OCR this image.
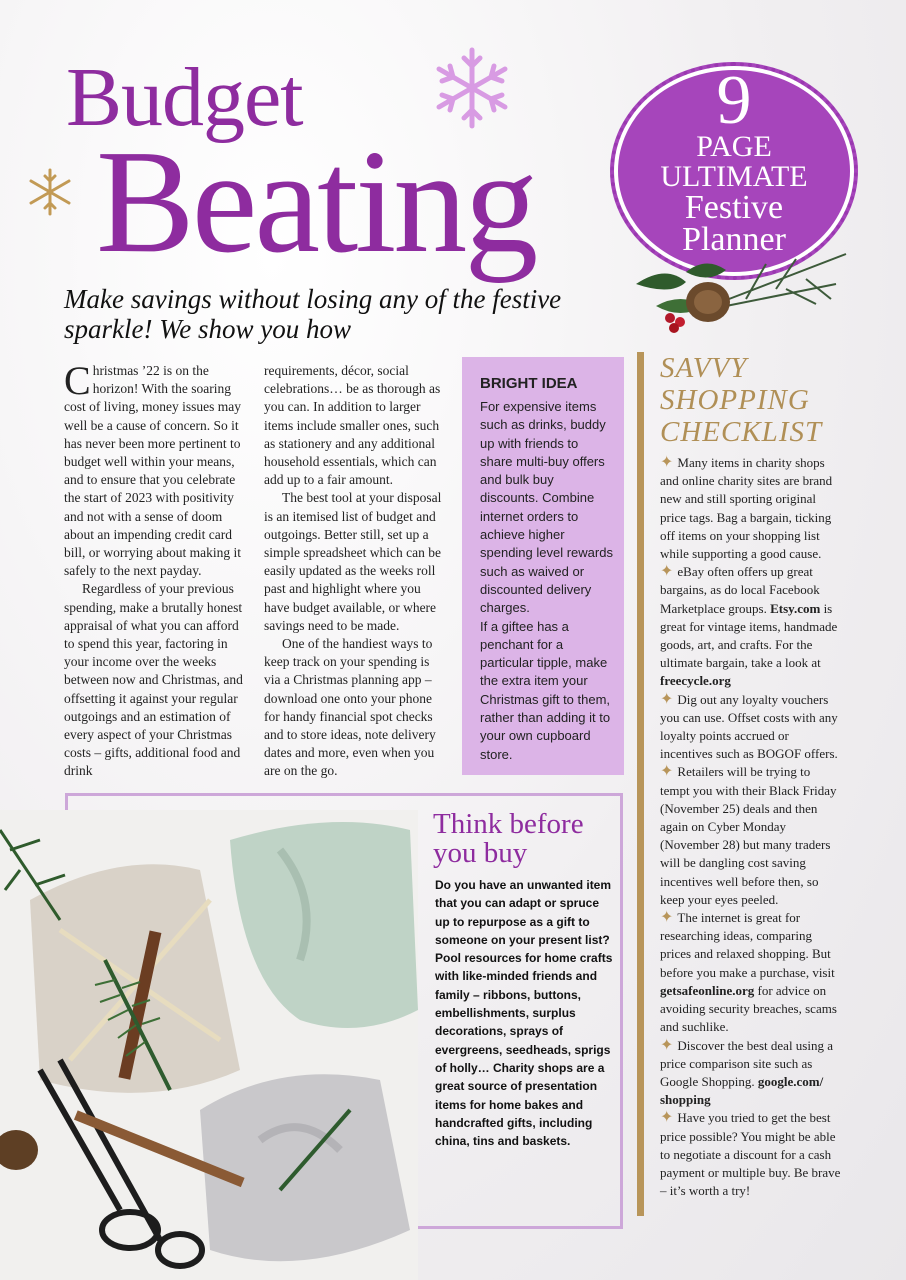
Budget
Beating
Make savings without losing any of the festive sparkle! We show you how
9
PAGE
ULTIMATE
Festive
Planner

Christmas ’22 is on the horizon! With the soaring cost of living, money issues may well be a cause of concern. So it has never been more pertinent to budget well within your means, and to ensure that you celebrate the start of 2023 with positivity and not with a sense of doom about an impending credit card bill, or worrying about making it safely to the next payday.

Regardless of your previous spending, make a brutally honest appraisal of what you can afford to spend this year, factoring in your income over the weeks between now and Christmas, and offsetting it against your regular outgoings and an estimation of every aspect of your Christmas costs – gifts, additional food and drink

requirements, décor, social celebrations… be as thorough as you can. In addition to larger items include smaller ones, such as stationery and any additional household essentials, which can add up to a fair amount.

The best tool at your disposal is an itemised list of budget and outgoings. Better still, set up a simple spreadsheet which can be easily updated as the weeks roll past and highlight where you have budget available, or where savings need to be made.

One of the handiest ways to keep track on your spending is via a Christmas planning app – download one onto your phone for handy financial spot checks and to store ideas, note delivery dates and more, even when you are on the go.

BRIGHT IDEA

For expensive items such as drinks, buddy up with friends to share multi-buy offers and bulk buy discounts. Combine internet orders to achieve higher spending level rewards such as waived or discounted delivery charges.

If a giftee has a penchant for a particular tipple, make the extra item your Christmas gift to them, rather than adding it to your own cupboard store.

SAVVY
SHOPPING
CHECKLIST

✦ Many items in charity shops and online charity sites are brand new and still sporting original price tags. Bag a bargain, ticking off items on your shopping list while supporting a good cause.

✦ eBay often offers up great bargains, as do local Facebook Marketplace groups. Etsy.com is great for vintage items, handmade goods, art, and crafts. For the ultimate bargain, take a look at freecycle.org

✦ Dig out any loyalty vouchers you can use. Offset costs with any loyalty points accrued or incentives such as BOGOF offers.

✦ Retailers will be trying to tempt you with their Black Friday (November 25) deals and then again on Cyber Monday (November 28) but many traders will be dangling cost saving incentives well before then, so keep your eyes peeled.

✦ The internet is great for researching ideas, comparing prices and relaxed shopping. But before you make a purchase, visit getsafeonline.org for advice on avoiding security breaches, scams and suchlike.

✦ Discover the best deal using a price comparison site such as Google Shopping. google.com/ shopping

✦ Have you tried to get the best price possible? You might be able to negotiate a discount for a cash payment or multiple buy. Be brave – it’s worth a try!

Think before
you buy
Do you have an unwanted item that you can adapt or spruce up to repurpose as a gift to someone on your present list? Pool resources for home crafts with like-minded friends and family – ribbons, buttons, embellishments, surplus decorations, sprays of evergreens, seedheads, sprigs of holly… Charity shops are a great source of presentation items for home bakes and handcrafted gifts, including china, tins and baskets.
